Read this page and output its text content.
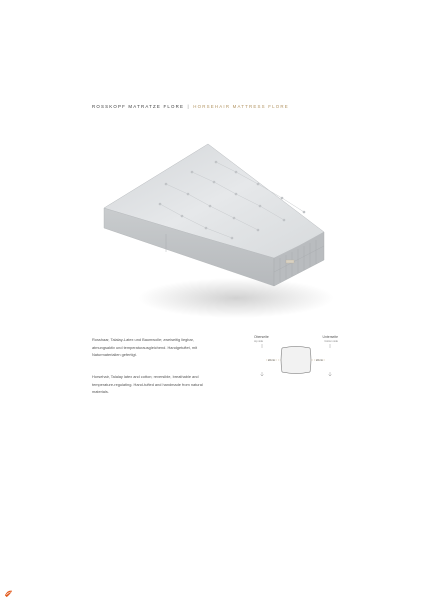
ROSSKOPF MATRATZE FLORE | HORSEHAIR MATTRESS FLORE
Rosshaar, Talalay-Latex und Baumwolle; zweiseitig liegbar, atmungsaktiv und temperaturausgleichend. Handgetuftet, mit Naturmaterialien gefertigt.
Horsehair, Talalay latex and cotton; reversible, breathable and temperature-regulating. Hand-tufted and handmade from natural materials.
Oberseite
top side
Unterseite
bottom side
22 cm	22 cm
